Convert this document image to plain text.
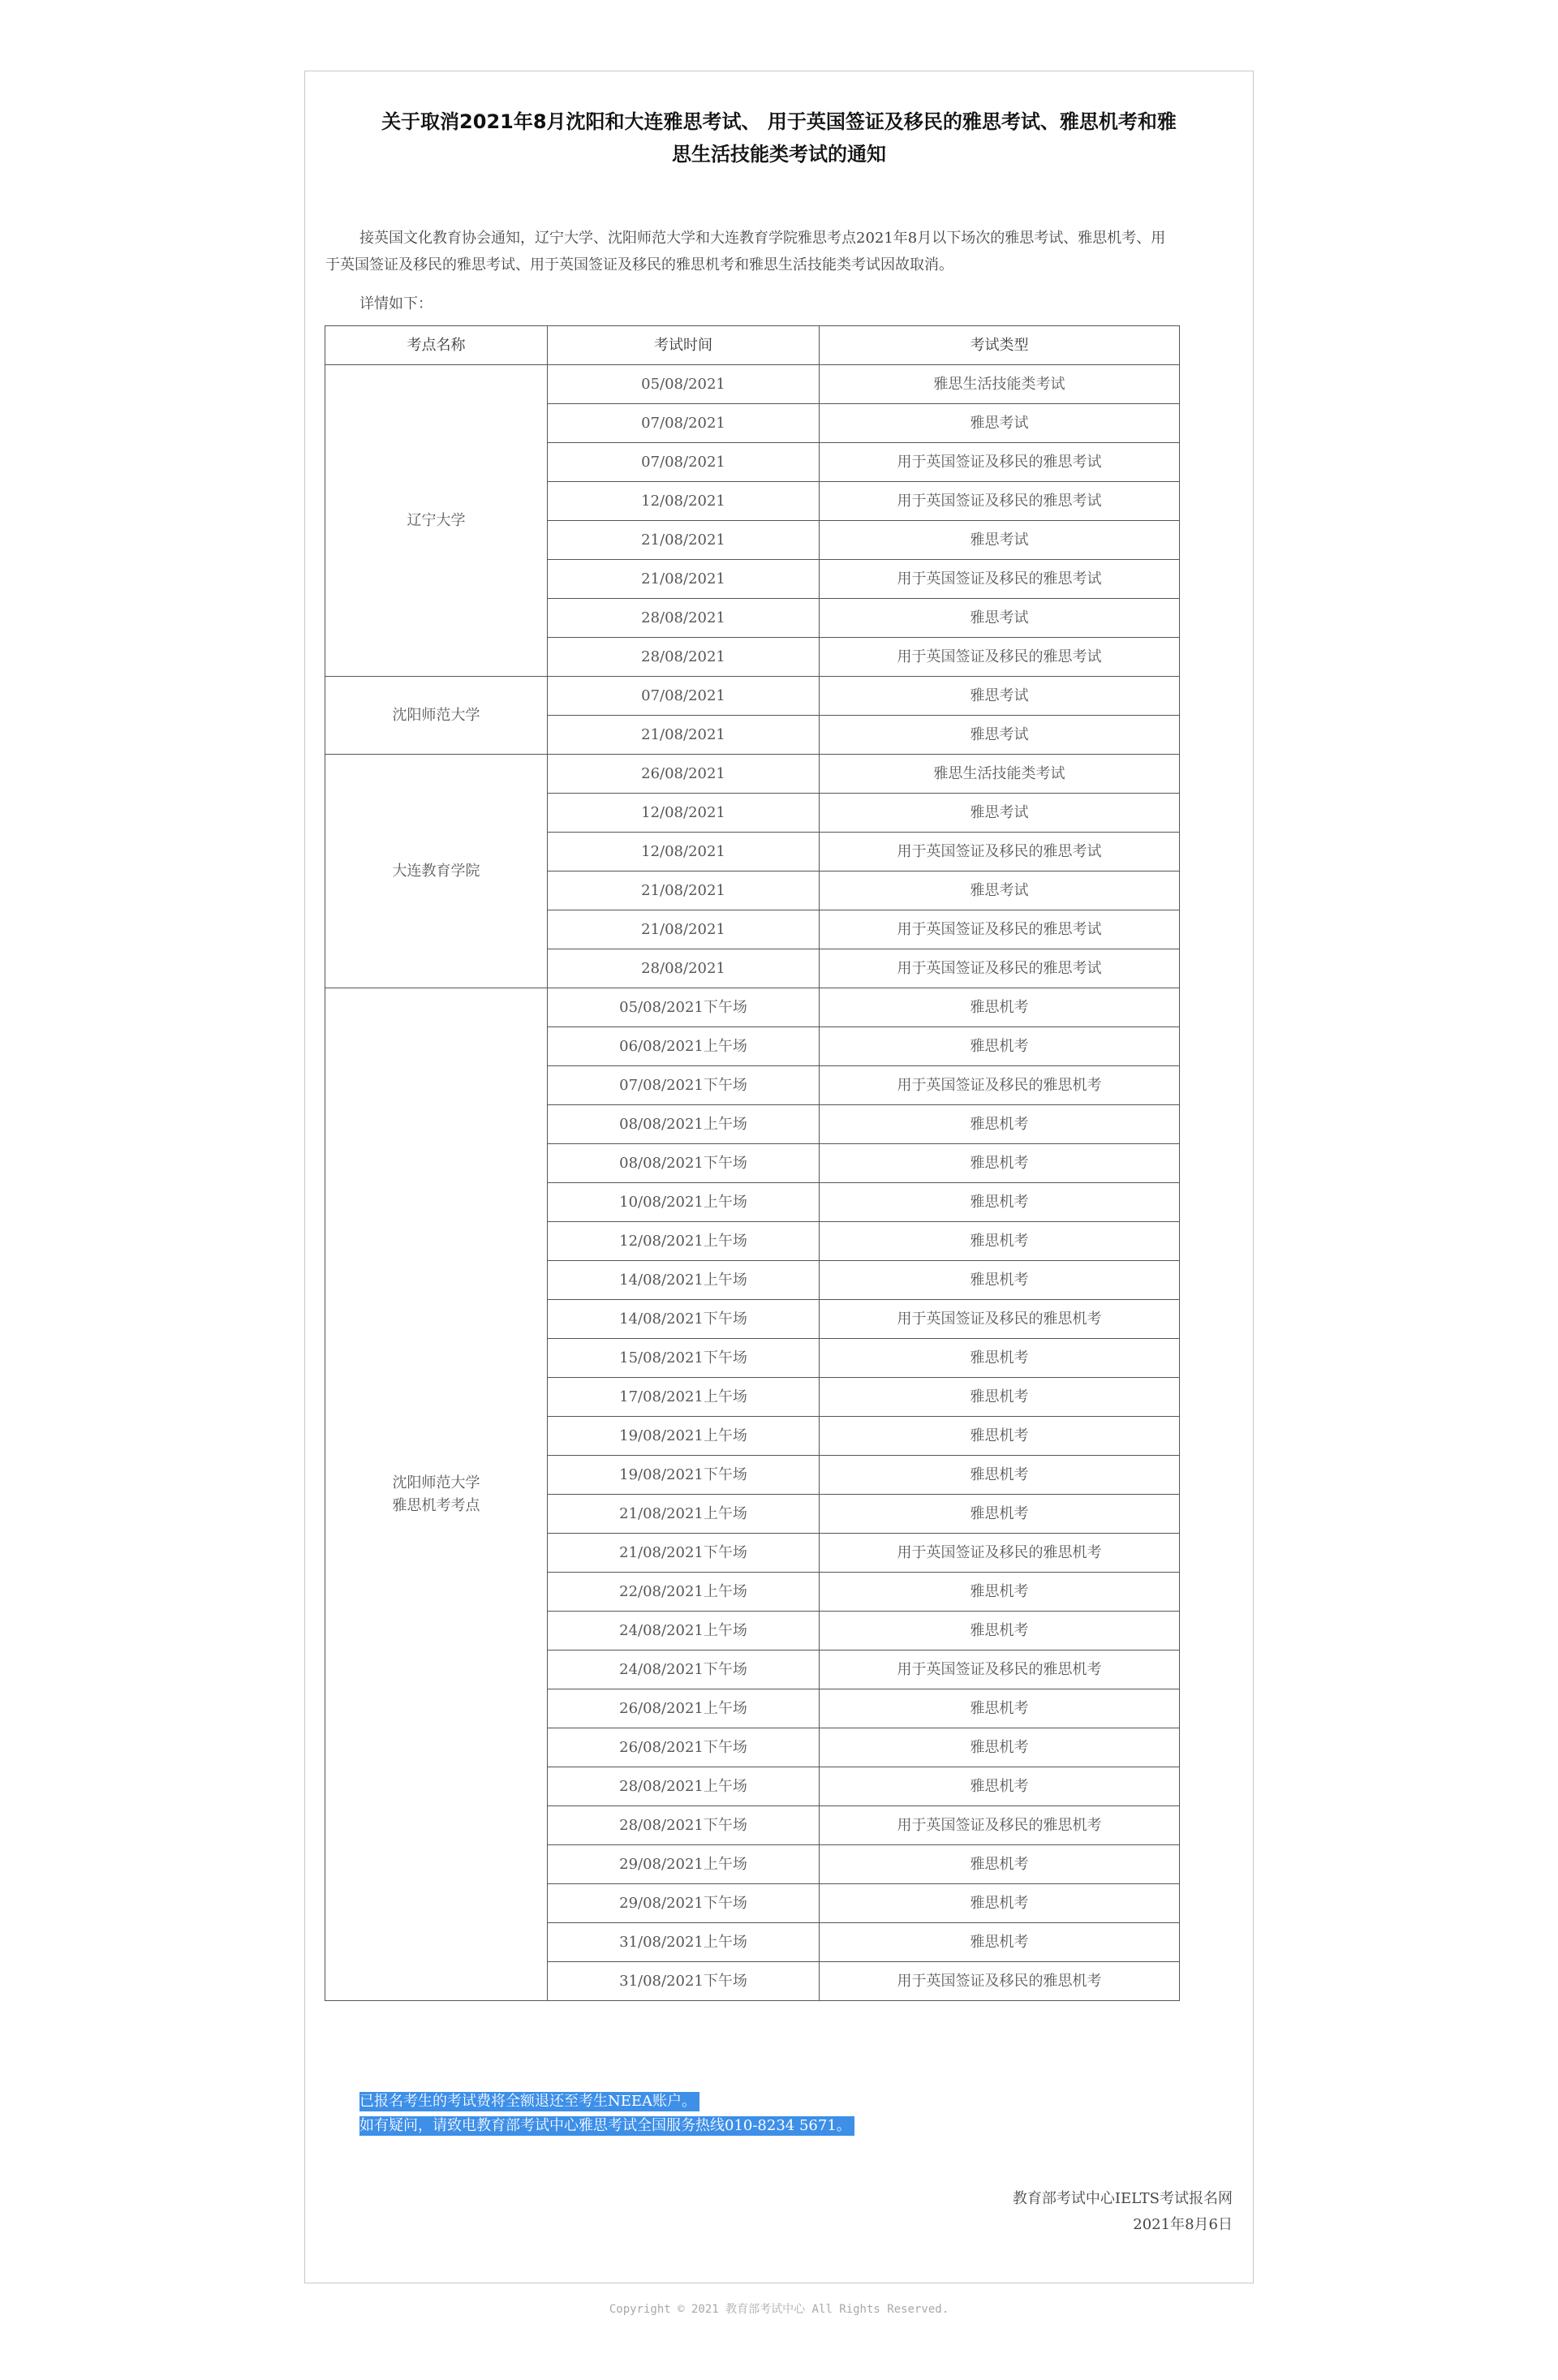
关于取消2021年8月沈阳和大连雅思考试、 用于英国签证及移民的雅思考试、雅思机考和雅
思生活技能类考试的通知

接英国文化教育协会通知，辽宁大学、沈阳师范大学和大连教育学院雅思考点2021年8月以下场次的雅思考试、雅思机考、用于英国签证及移民的雅思考试、用于英国签证及移民的雅思机考和雅思生活技能类考试因故取消。

详情如下：

考点名称	考试时间	考试类型
辽宁大学	05/08/2021	雅思生活技能类考试
	07/08/2021	雅思考试
	07/08/2021	用于英国签证及移民的雅思考试
	12/08/2021	用于英国签证及移民的雅思考试
	21/08/2021	雅思考试
	21/08/2021	用于英国签证及移民的雅思考试
	28/08/2021	雅思考试
	28/08/2021	用于英国签证及移民的雅思考试
沈阳师范大学	07/08/2021	雅思考试
	21/08/2021	雅思考试
大连教育学院	26/08/2021	雅思生活技能类考试
	12/08/2021	雅思考试
	12/08/2021	用于英国签证及移民的雅思考试
	21/08/2021	雅思考试
	21/08/2021	用于英国签证及移民的雅思考试
	28/08/2021	用于英国签证及移民的雅思考试
沈阳师范大学
雅思机考考点	05/08/2021下午场	雅思机考
	06/08/2021上午场	雅思机考
	07/08/2021下午场	用于英国签证及移民的雅思机考
	08/08/2021上午场	雅思机考
	08/08/2021下午场	雅思机考
	10/08/2021上午场	雅思机考
	12/08/2021上午场	雅思机考
	14/08/2021上午场	雅思机考
	14/08/2021下午场	用于英国签证及移民的雅思机考
	15/08/2021下午场	雅思机考
	17/08/2021上午场	雅思机考
	19/08/2021上午场	雅思机考
	19/08/2021下午场	雅思机考
	21/08/2021上午场	雅思机考
	21/08/2021下午场	用于英国签证及移民的雅思机考
	22/08/2021上午场	雅思机考
	24/08/2021上午场	雅思机考
	24/08/2021下午场	用于英国签证及移民的雅思机考
	26/08/2021上午场	雅思机考
	26/08/2021下午场	雅思机考
	28/08/2021上午场	雅思机考
	28/08/2021下午场	用于英国签证及移民的雅思机考
	29/08/2021上午场	雅思机考
	29/08/2021下午场	雅思机考
	31/08/2021上午场	雅思机考
	31/08/2021下午场	用于英国签证及移民的雅思机考

已报名考生的考试费将全额退还至考生NEEA账户。
如有疑问，请致电教育部考试中心雅思考试全国服务热线010-8234 5671。

教育部考试中心IELTS考试报名网
2021年8月6日

Copyright © 2021 教育部考试中心 All Rights Reserved.
